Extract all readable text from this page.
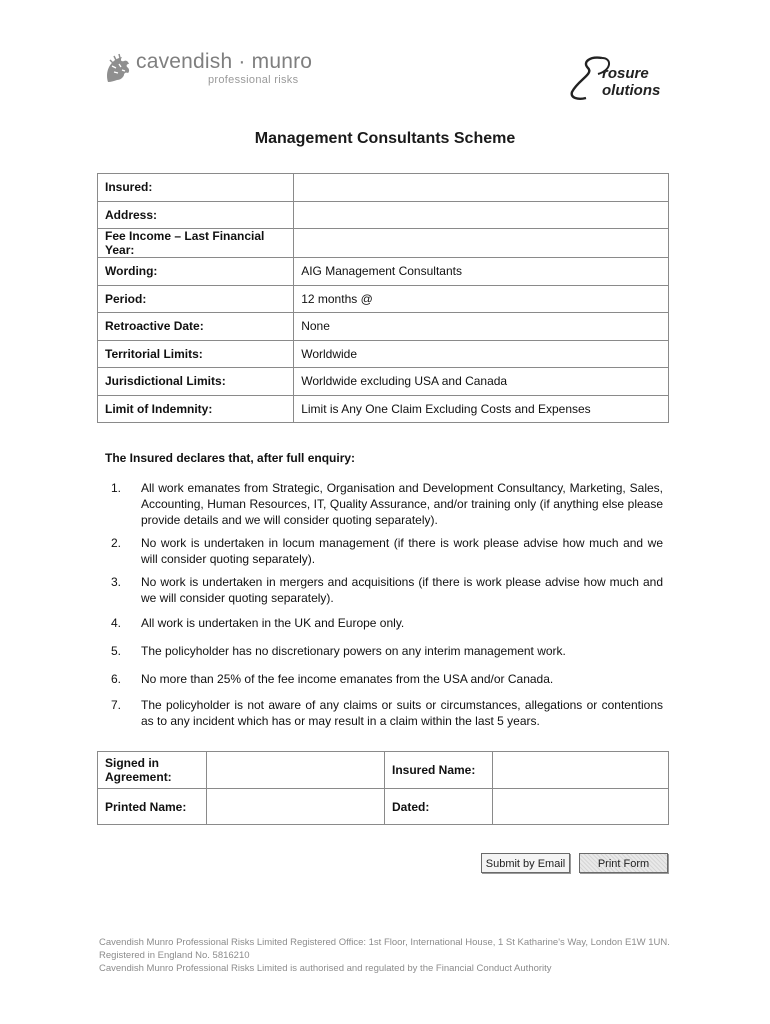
cavendish · munro
professional risks	rosure
olutions
Management Consultants Scheme
Insured:	
Address:	
Fee Income – Last Financial Year:	
Wording:	AIG Management Consultants
Period:	12 months @
Retroactive Date:	None
Territorial Limits:	Worldwide
Jurisdictional Limits:	Worldwide excluding USA and Canada
Limit of Indemnity:	Limit is Any One Claim Excluding Costs and Expenses
The Insured declares that, after full enquiry:
1. All work emanates from Strategic, Organisation and Development Consultancy, Marketing, Sales, Accounting, Human Resources, IT, Quality Assurance, and/or training only (if anything else please provide details and we will consider quoting separately).
2. No work is undertaken in locum management (if there is work please advise how much and we will consider quoting separately).
3. No work is undertaken in mergers and acquisitions (if there is work please advise how much and we will consider quoting separately).
4. All work is undertaken in the UK and Europe only.
5. The policyholder has no discretionary powers on any interim management work.
6. No more than 25% of the fee income emanates from the USA and/or Canada.
7. The policyholder is not aware of any claims or suits or circumstances, allegations or contentions as to any incident which has or may result in a claim within the last 5 years.
Signed in Agreement:		Insured Name:	
Printed Name:		Dated:	
Submit by Email	Print Form
Cavendish Munro Professional Risks Limited Registered Office: 1st Floor, International House, 1 St Katharine's Way, London E1W 1UN.
Registered in England No. 5816210
Cavendish Munro Professional Risks Limited is authorised and regulated by the Financial Conduct Authority
